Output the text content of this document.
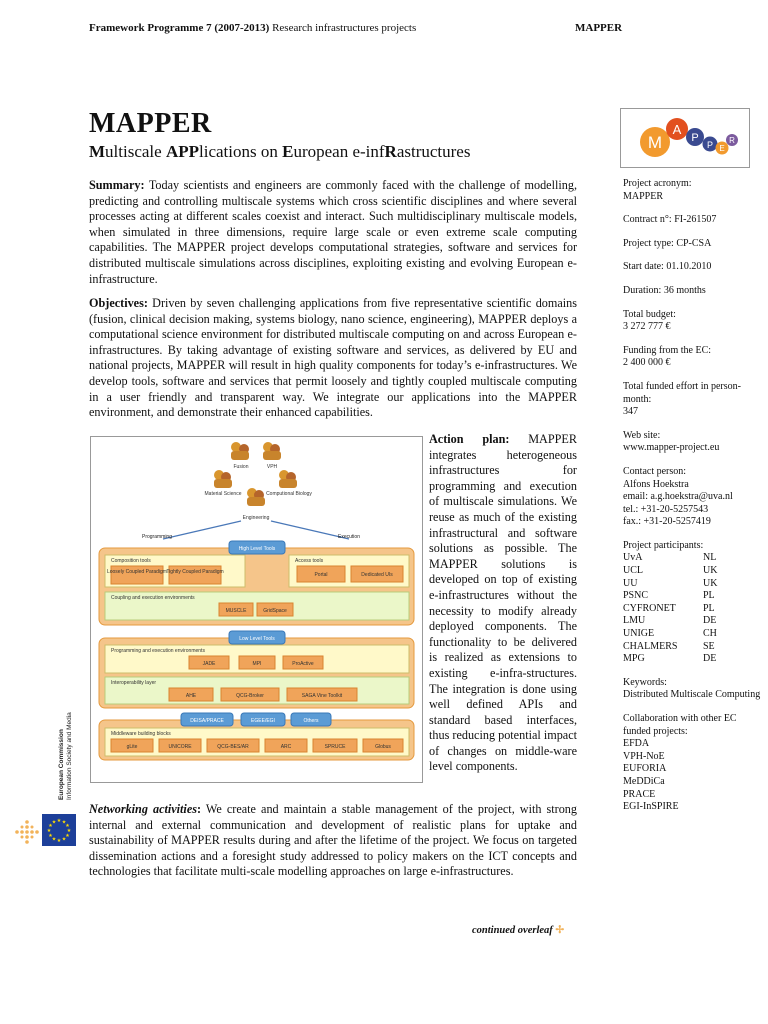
Framework Programme 7 (2007-2013) Research infrastructures projects	MAPPER
MAPPER
Multiscale APPlications on European e-infRastructures	M
A
P
P E
R
Summary: Today scientists and engineers are commonly faced with the challenge of modelling, predicting and controlling multiscale systems which cross scientific disciplines and where several processes acting at different scales coexist and interact. Such multidisciplinary multiscale models, when simulated in three dimensions, require large scale or even extreme scale computing capabilities. The MAPPER project develops computational strategies, software and services for distributed multiscale simulations across disciplines, exploiting existing and evolving European e-infrastructure.
Objectives: Driven by seven challenging applications from five representative scientific domains (fusion, clinical decision making, systems biology, nano science, engineering), MAPPER deploys a computational science environment for distributed multiscale computing on and across European e-infrastructures. By taking advantage of existing software and services, as delivered by EU and national projects, MAPPER will result in high quality components for today’s e-infrastructures. We develop tools, software and services that permit loosely and tightly coupled multiscale computing in a user friendly and transparent way. We integrate our applications into the MAPPER environment, and demonstrate their enhanced capabilities.
Fusion	VPH
Material Science	Computional Biology
Engineering
Programming	Execution
High Level Tools
Composition tools
Loosely Coupled Paradigm Tightly Coupled Paradigm
Access tools
Portal	Dedicated UIs
Coupling and execution environments
MUSCLE	GridSpace
Low Level Tools
Programming and execution environments
JADE	MPI	ProActive
Interoperability layer
AHE	QCG-Broker	SAGA Vine Toolkit
DEISA/PRACE	EGEE/EGI	Others
Middleware building blocks
gLite	UNICORE	QCG-BES/AR	ARC	SPRUCE	Globus
Action plan: MAPPER integrates heterogeneous infrastructures for programming and execution of multiscale simulations. We reuse as much of the existing infrastructural and software solutions as possible. The MAPPER solutions is developed on top of existing e-infrastructures without the necessity to modify already deployed components. The functionality to be delivered is realized as extensions to existing e-infra-structures. The integration is done using well defined APIs and standard based interfaces, thus reducing potential impact of changes on middle-ware level components.
Networking activities: We create and maintain a stable management of the project, with strong internal and external communication and development of realistic plans for uptake and sustainability of MAPPER results during and after the lifetime of the project. We focus on targeted dissemination actions and a foresight study addressed to policy makers on the ICT concepts and technologies that facilitate multi-scale modelling approaches on large e-infrastructures.
continued overleaf ✢
European Commission Information Society and Media
★ ★
★
★
★
★
★
★
★
★
★
★
Project acronym:
MAPPER
Contract n°: FI-261507
Project type: CP-CSA
Start date: 01.10.2010
Duration: 36 months
Total budget:
3 272 777 €
Funding from the EC:
2 400 000 €
Total funded effort in person-month:
347
Web site:
www.mapper-project.eu
Contact person:
Alfons Hoekstra
email: a.g.hoekstra@uva.nl
tel.: +31-20-5257543
fax.: +31-20-5257419
Project participants:
UvA	NL
UCL	UK
UU	UK
PSNC	PL
CYFRONET	PL
LMU	DE
UNIGE	CH
CHALMERS	SE
MPG	DE
Keywords:
Distributed Multiscale Computing
Collaboration with other EC funded projects:
EFDA
VPH-NoE
EUFORIA
MeDDiCa
PRACE
EGI-InSPIRE
